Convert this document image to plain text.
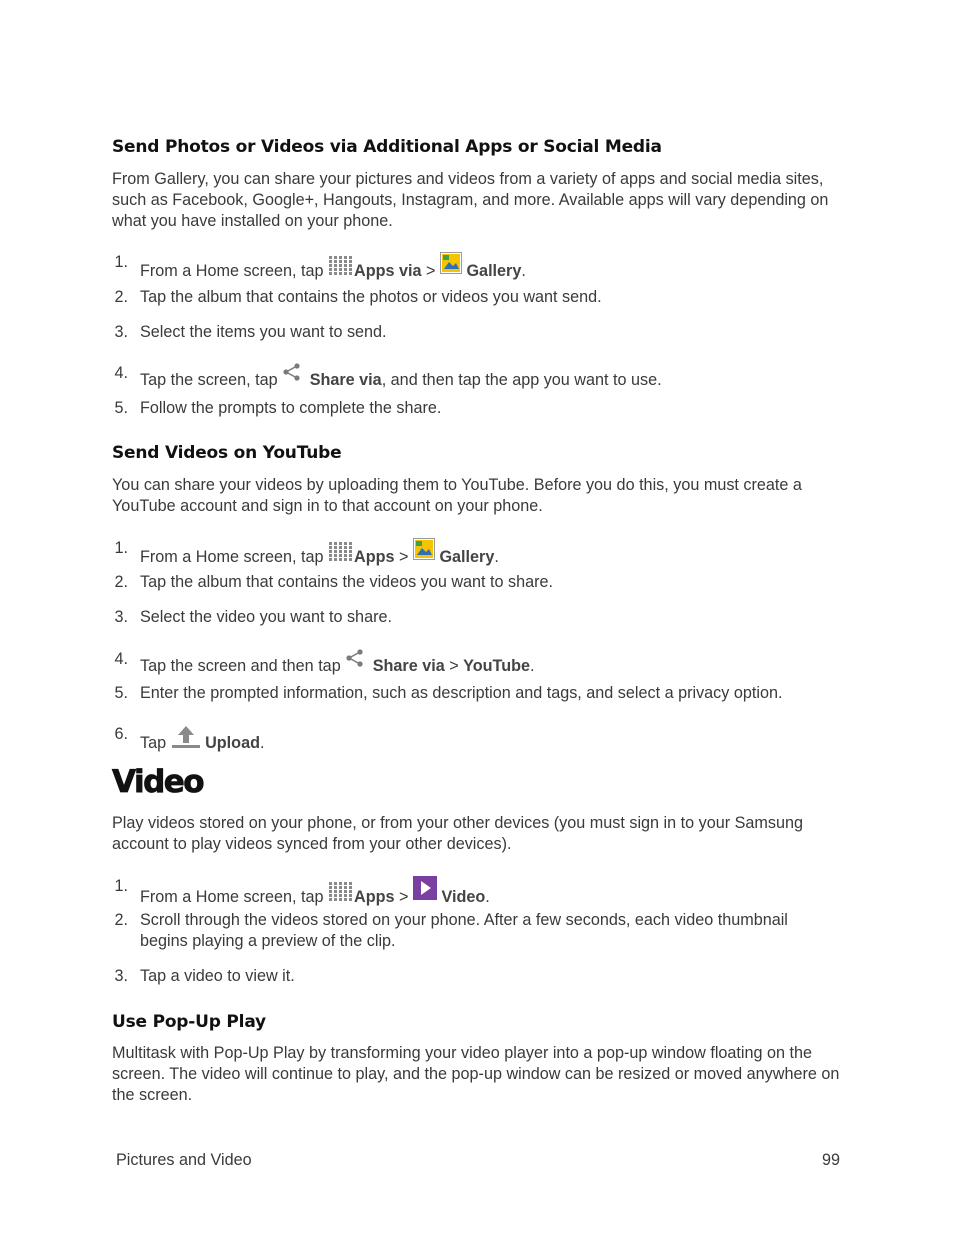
Send Photos or Videos via Additional Apps or Social Media
From Gallery, you can share your pictures and videos from a variety of apps and social media sites, such as Facebook, Google+, Hangouts, Instagram, and more. Available apps will vary depending on what you have installed on your phone.
1. From a Home screen, tap Apps via >  Gallery.
2. Tap the album that contains the photos or videos you want send.
3. Select the items you want to send.
4. Tap the screen, tap  Share via, and then tap the app you want to use.
5. Follow the prompts to complete the share.
Send Videos on YouTube
You can share your videos by uploading them to YouTube. Before you do this, you must create a YouTube account and sign in to that account on your phone.
1. From a Home screen, tap Apps >  Gallery.
2. Tap the album that contains the videos you want to share.
3. Select the video you want to share.
4. Tap the screen and then tap  Share via > YouTube.
5. Enter the prompted information, such as description and tags, and select a privacy option.
6. Tap  Upload.
Video
Play videos stored on your phone, or from your other devices (you must sign in to your Samsung account to play videos synced from your other devices).
1.
From a Home screen, tap Apps >  Video.
2. Scroll through the videos stored on your phone. After a few seconds, each video thumbnail begins playing a preview of the clip.
3. Tap a video to view it.
Use Pop-Up Play
Multitask with Pop-Up Play by transforming your video player into a pop-up window floating on the screen. The video will continue to play, and the pop-up window can be resized or moved anywhere on the screen.
Pictures and Video	99
